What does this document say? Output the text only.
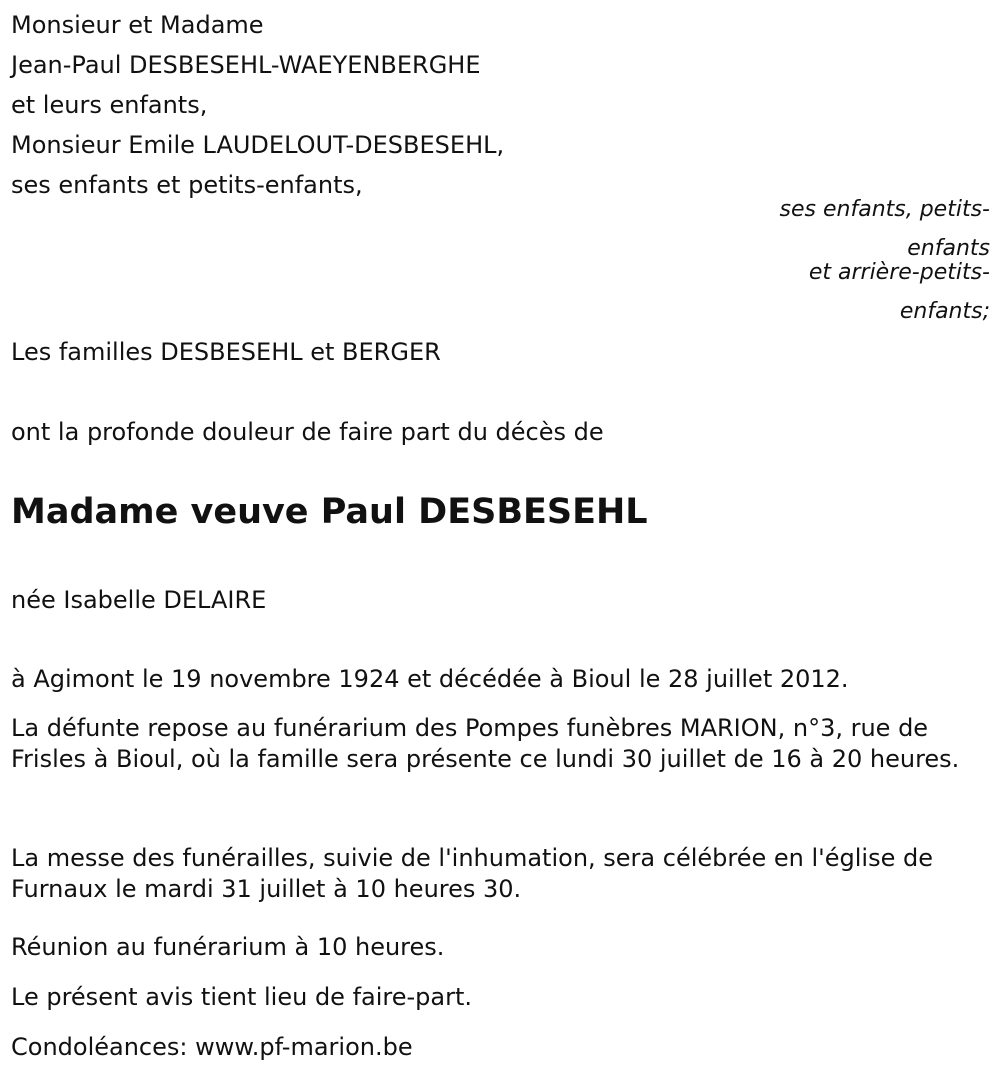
Monsieur et Madame
Jean-Paul DESBESEHL-WAEYENBERGHE
et leurs enfants,
Monsieur Emile LAUDELOUT-DESBESEHL,
ses enfants et petits-enfants,
ses enfants, petits-
enfants
et arrière-petits-
enfants;
Les familles DESBESEHL et BERGER
ont la profonde douleur de faire part du décès de
Madame veuve Paul DESBESEHL
née Isabelle DELAIRE
à Agimont le 19 novembre 1924 et décédée à Bioul le 28 juillet 2012.
La défunte repose au funérarium des Pompes funèbres MARION, n°3, rue de Frisles à Bioul, où la famille sera présente ce lundi 30 juillet de 16 à 20 heures.
La messe des funérailles, suivie de l'inhumation, sera célébrée en l'église de Furnaux le mardi 31 juillet à 10 heures 30.
Réunion au funérarium à 10 heures.
Le présent avis tient lieu de faire-part.
Condoléances: www.pf-marion.be
